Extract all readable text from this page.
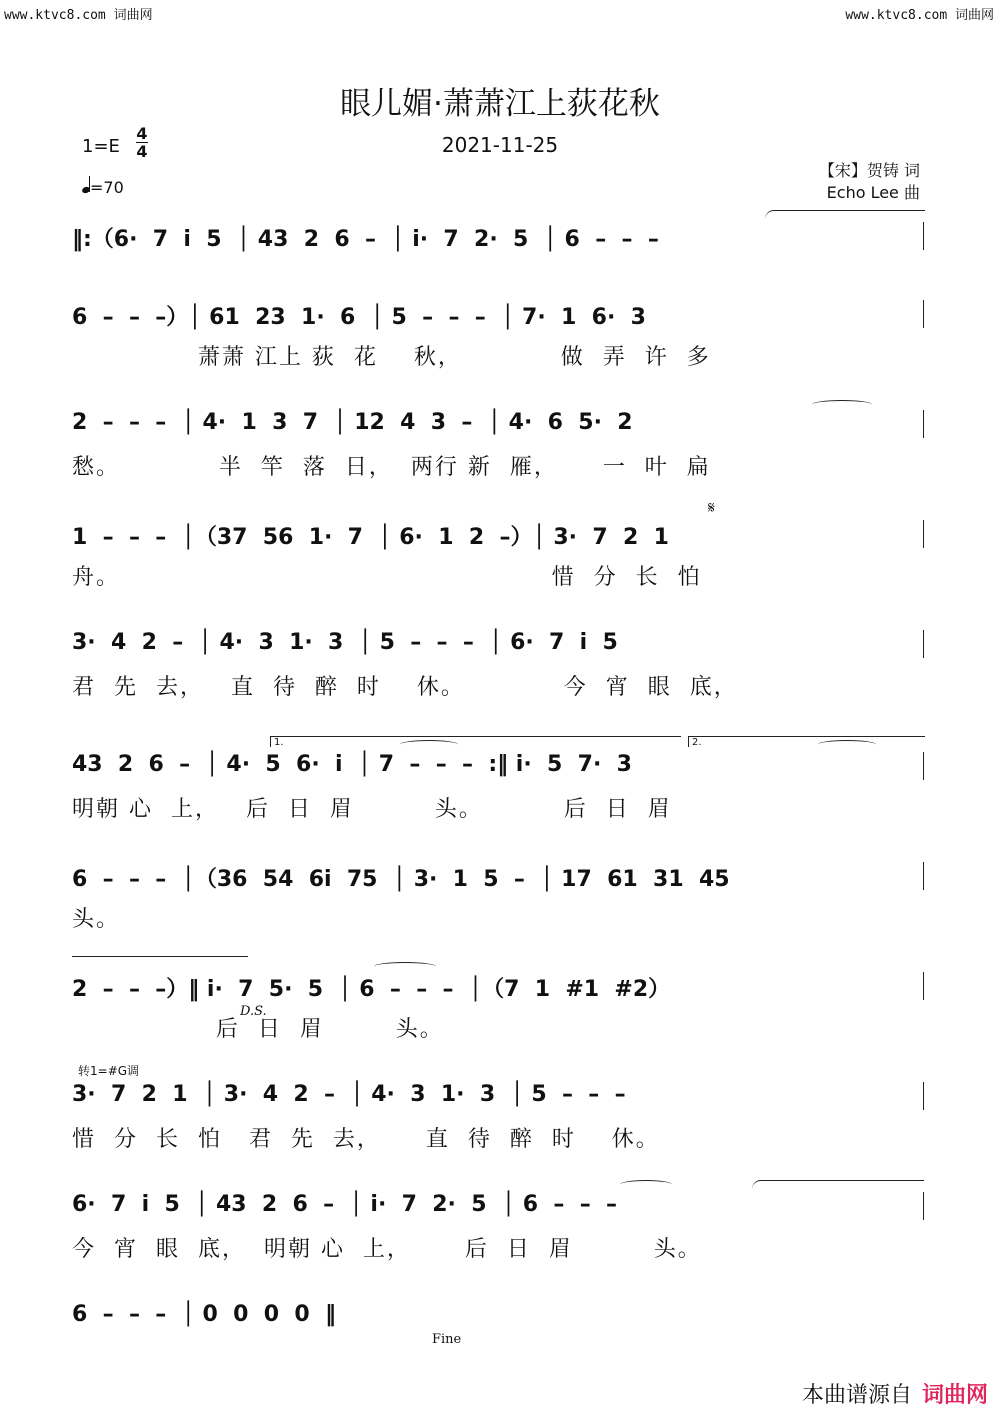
www.ktvc8.com 词曲网	www.ktvc8.com 词曲网
眼儿媚·萧萧江上荻花秋
2021-11-25
1=E
4
4
=70
【宋】贺铸 词
Echo Lee 曲
‖:（6·  7  i  5  │ 43  2  6  –  │ i·  7  2·  5  │ 6  –  –  –
6  –  –  –）│ 61  23  1·  6  │ 5  –  –  –  │ 7·  1  6·  3
萧萧 江上 荻  花    秋，           做  弄  许  多
2  –  –  –  │ 4·  1  3  7  │ 12  4  3  –  │ 4·  6  5·  2
愁。           半  竿  落  日，  两行 新  雁，     一  叶  扁
𝄋
1  –  –  –  │（37  56  1·  7  │ 6·  1  2  –）│ 3·  7  2  1
舟。                                                惜  分  长  怕
3·  4  2  –  │ 4·  3  1·  3  │ 5  –  –  –  │ 6·  7  i  5
君  先  去，   直  待  醉  时    休。           今  宵  眼  底，
1.	2.
43  2  6  –  │ 4·  5  6·  i  │ 7  –  –  –  :‖ i·  5  7·  3
明朝 心  上，   后  日  眉         头。         后  日  眉
6  –  –  –  │（36  54  6i  75  │ 3·  1  5  –  │ 17  61  31  45
头。
2  –  –  –）‖ i·  7  5·  5  │ 6  –  –  –  │（7  1  #1  #2）
D.S.
后  日  眉        头。
转1=#G调
3·  7  2  1  │ 3·  4  2  –  │ 4·  3  1·  3  │ 5  –  –  –
惜  分  长  怕   君  先  去，     直  待  醉  时    休。
6·  7  i  5  │ 43  2  6  –  │ i·  7  2·  5  │ 6  –  –  –
今  宵  眼  底，  明朝 心  上，      后  日  眉         头。
6  –  –  –  │ 0  0  0  0  ‖
Fine
本曲谱源自 词曲网
